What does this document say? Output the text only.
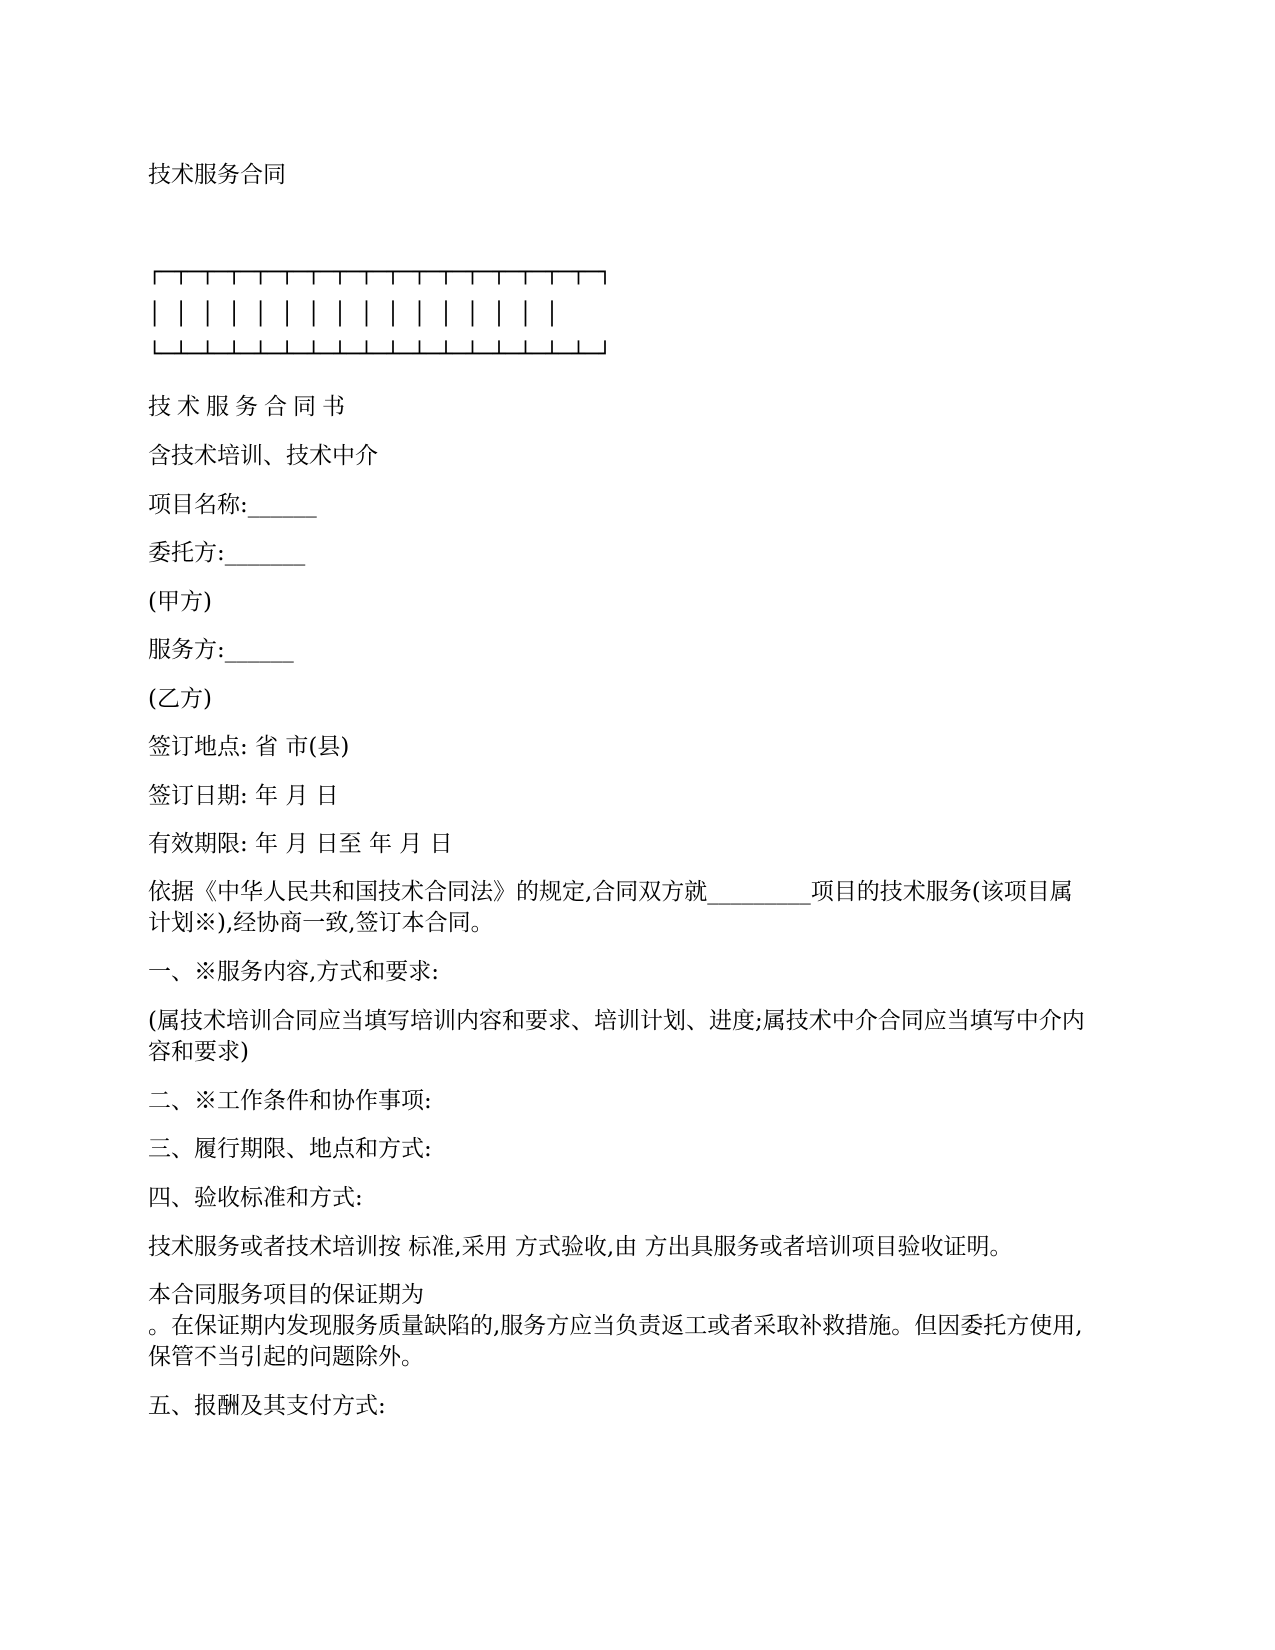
技术服务合同
┌─┬─┬─┬─┬─┬─┬─┬─┬─┬─┬─┬─┬─┬─┬─┬─┬─┐
│ │ │ │ │ │ │ │ │ │ │ │ │ │ │ │
└─┴─┴─┴─┴─┴─┴─┴─┴─┴─┴─┴─┴─┴─┴─┴─┴─┘
技术服务合同书
含技术培训、技术中介
项目名称:______
委托方:_______
(甲方)
服务方:______
(乙方)
签订地点: 省 市(县)
签订日期: 年 月 日
有效期限: 年 月 日至 年 月 日
依据《中华人民共和国技术合同法》的规定,合同双方就_________项目的技术服务(该项目属 计划※),经协商一致,签订本合同。
一、※服务内容,方式和要求:
(属技术培训合同应当填写培训内容和要求、培训计划、进度;属技术中介合同应当填写中介内容和要求)
二、※工作条件和协作事项:
三、履行期限、地点和方式:
四、验收标准和方式:
技术服务或者技术培训按 标准,采用 方式验收,由 方出具服务或者培训项目验收证明。
本合同服务项目的保证期为
。在保证期内发现服务质量缺陷的,服务方应当负责返工或者采取补救措施。但因委托方使用,保管不当引起的问题除外。
五、报酬及其支付方式:
